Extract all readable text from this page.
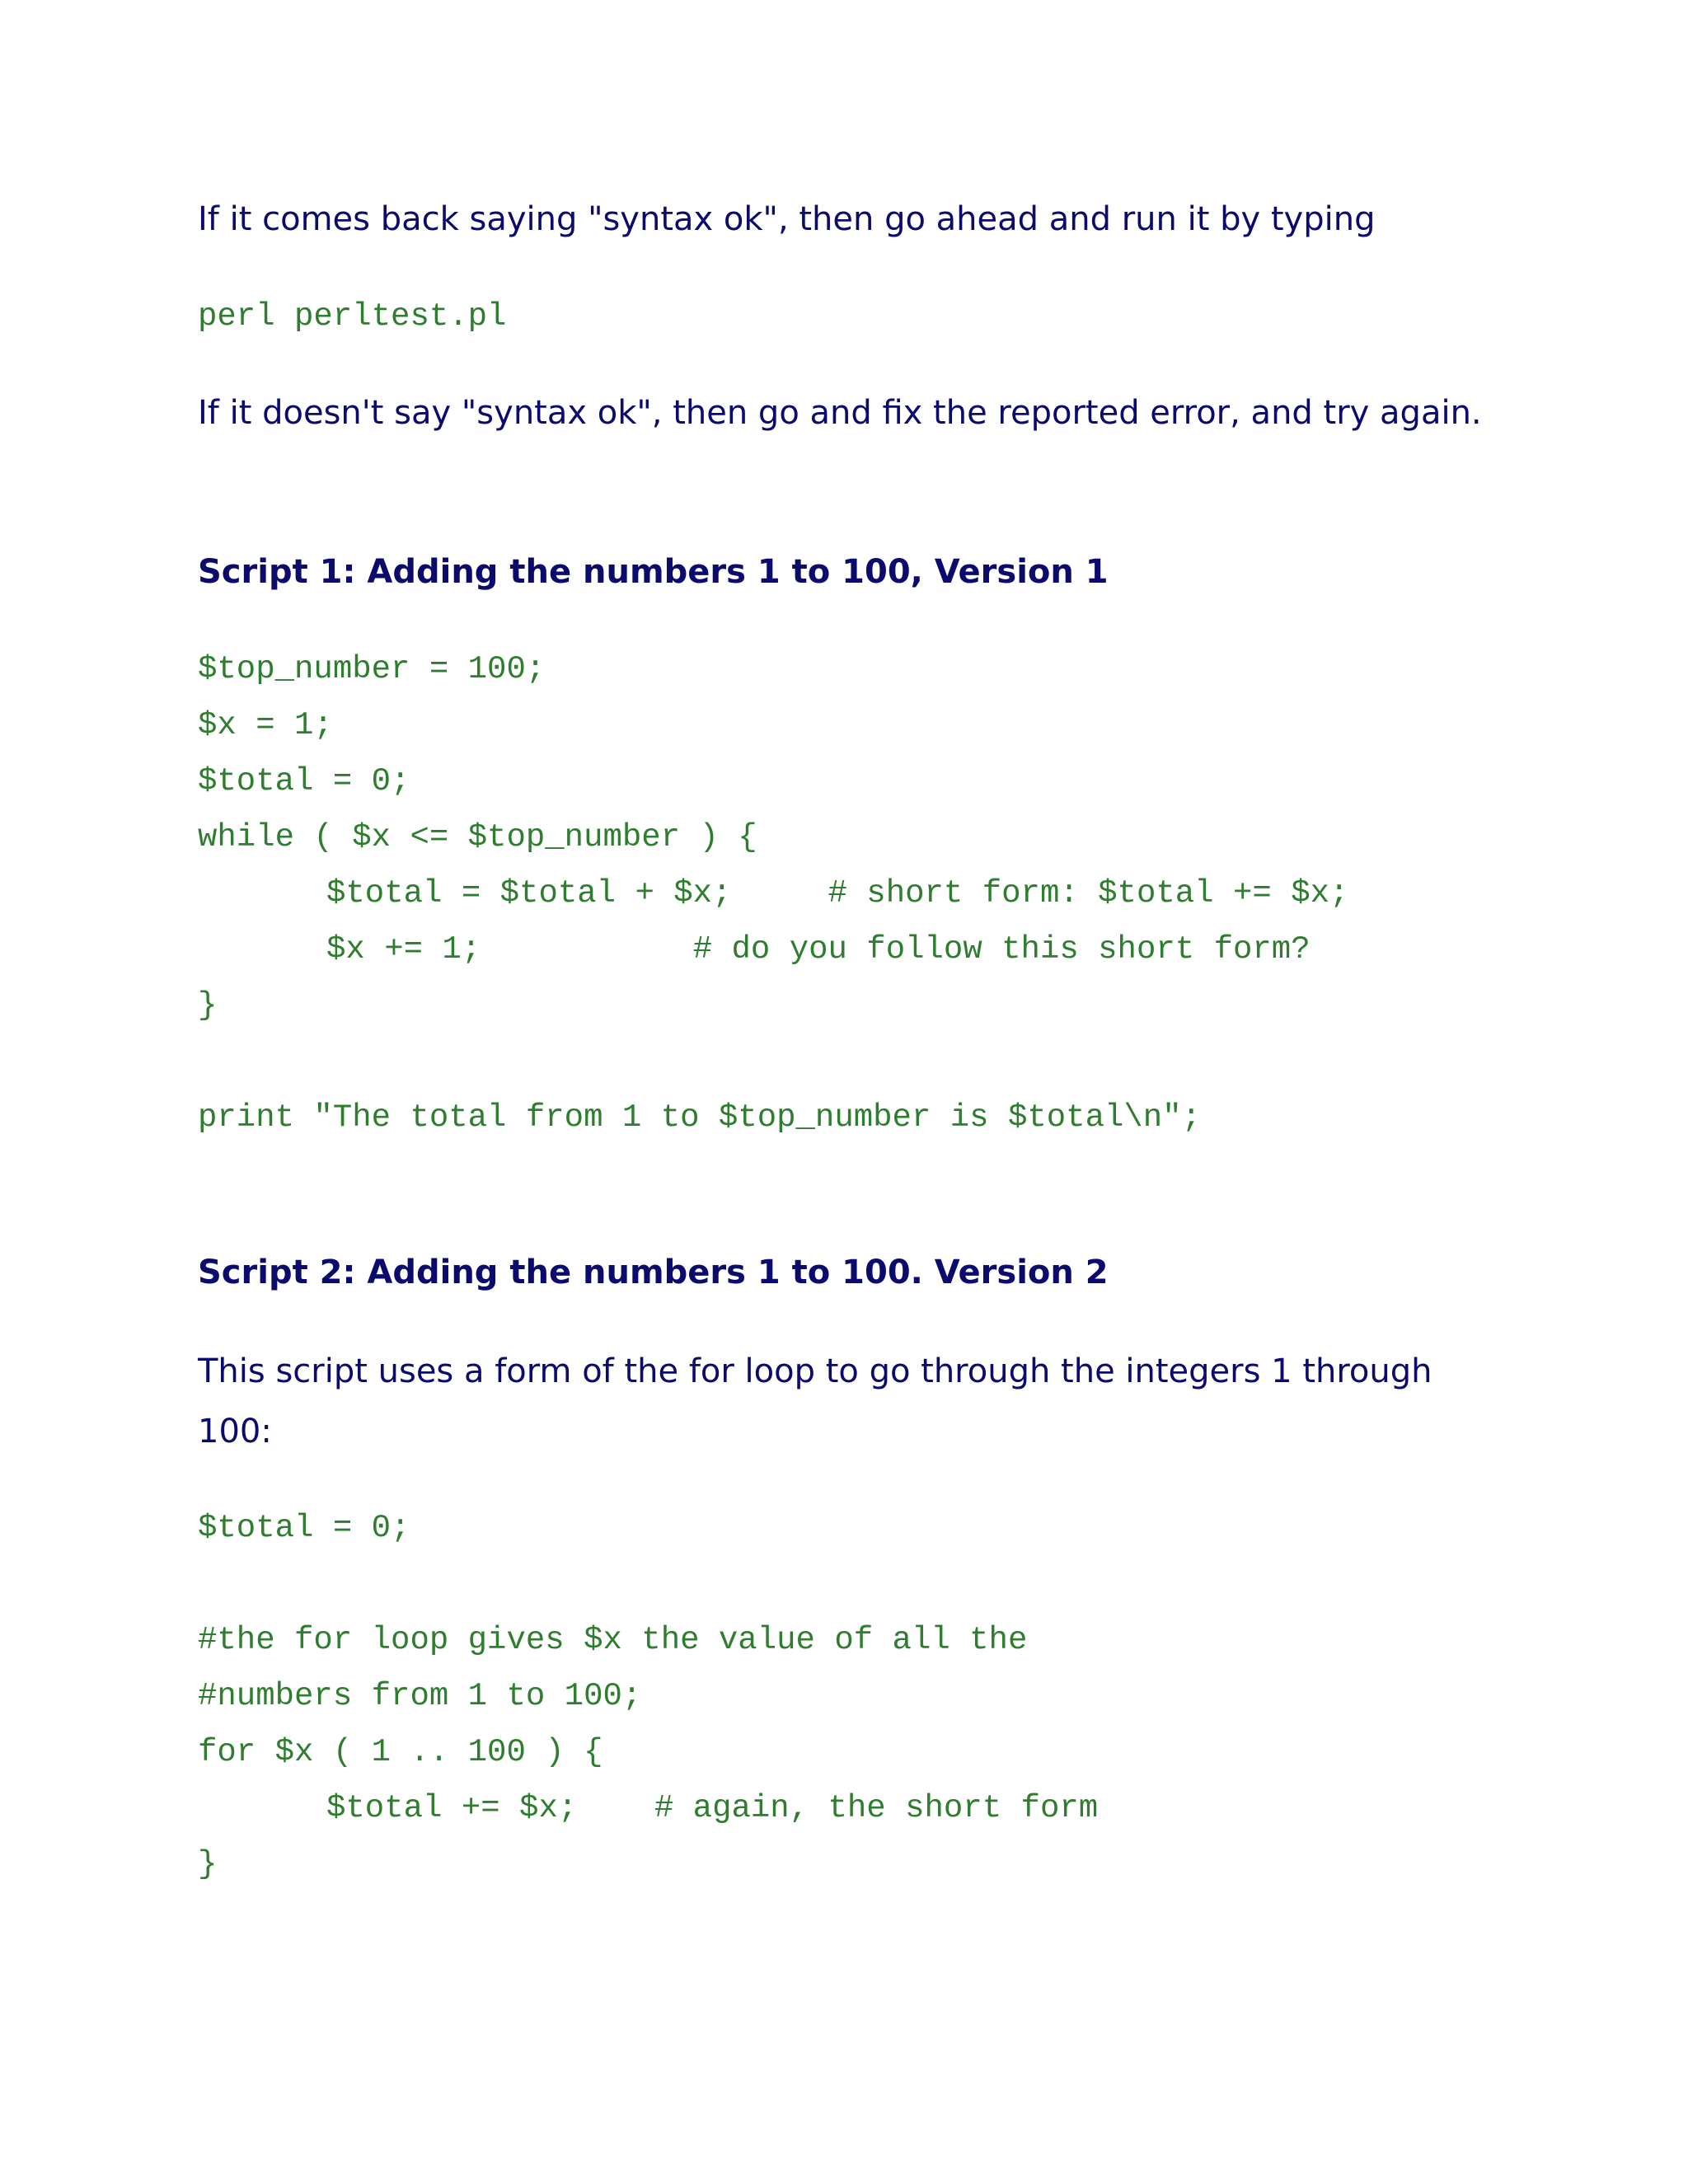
If it comes back saying "syntax ok", then go ahead and run it by typing

perl perltest.pl

If it doesn't say "syntax ok", then go and fix the reported error, and try again.

Script 1: Adding the numbers 1 to 100, Version 1
$top_number = 100;
$x = 1;
$total = 0;
while ( $x <= $top_number ) {
$total = $total + $x;     # short form: $total += $x;
$x += 1;           # do you follow this short form?
}
print "The total from 1 to $top_number is $total\n";
Script 2: Adding the numbers 1 to 100. Version 2

This script uses a form of the for loop to go through the integers 1 through 100:

$total = 0;
#the for loop gives $x the value of all the
#numbers from 1 to 100;
for $x ( 1 .. 100 ) {
$total += $x;    # again, the short form
}
